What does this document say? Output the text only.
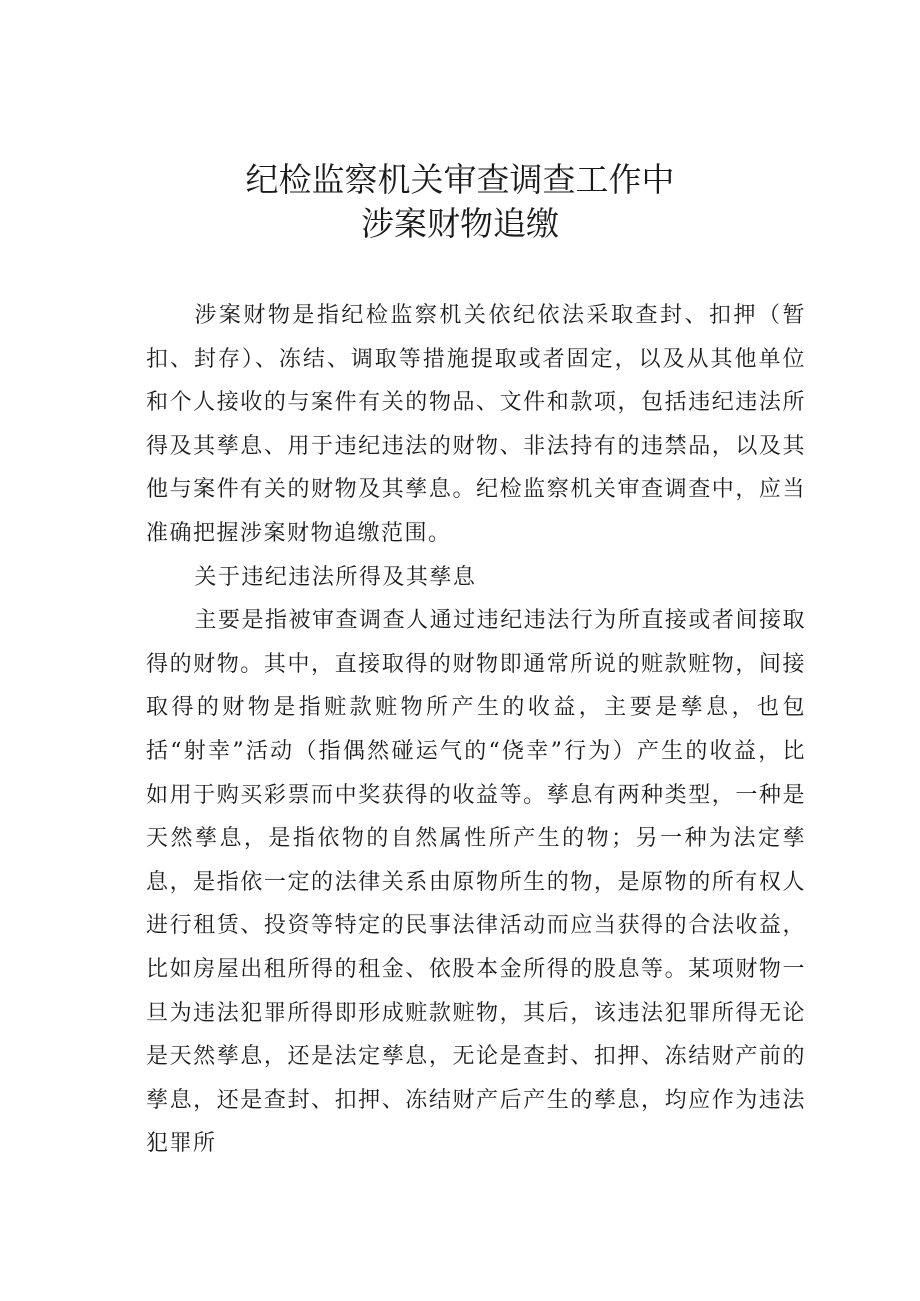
纪检监察机关审查调查工作中
涉案财物追缴

涉案财物是指纪检监察机关依纪依法采取查封、扣押（暂扣、封存）、冻结、调取等措施提取或者固定，以及从其他单位和个人接收的与案件有关的物品、文件和款项，包括违纪违法所得及其孳息、用于违纪违法的财物、非法持有的违禁品，以及其他与案件有关的财物及其孳息。纪检监察机关审查调查中，应当准确把握涉案财物追缴范围。

关于违纪违法所得及其孳息

主要是指被审查调查人通过违纪违法行为所直接或者间接取得的财物。其中，直接取得的财物即通常所说的赃款赃物，间接取得的财物是指赃款赃物所产生的收益，主要是孳息，也包括“射幸”活动（指偶然碰运气的“侥幸”行为）产生的收益，比如用于购买彩票而中奖获得的收益等。孳息有两种类型，一种是天然孳息，是指依物的自然属性所产生的物；另一种为法定孳息，是指依一定的法律关系由原物所生的物，是原物的所有权人进行租赁、投资等特定的民事法律活动而应当获得的合法收益，比如房屋出租所得的租金、依股本金所得的股息等。某项财物一旦为违法犯罪所得即形成赃款赃物，其后，该违法犯罪所得无论是天然孳息，还是法定孳息，无论是查封、扣押、冻结财产前的孳息，还是查封、扣押、冻结财产后产生的孳息，均应作为违法犯罪所
